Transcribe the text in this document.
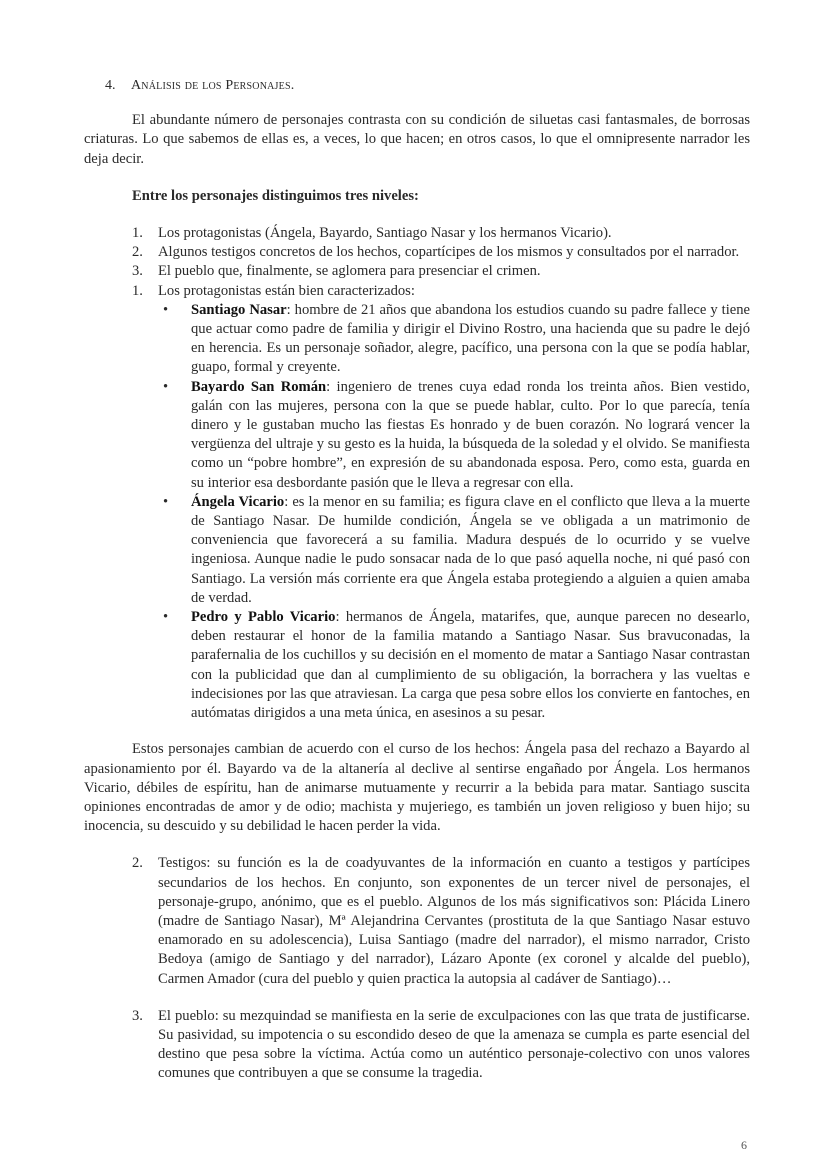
4.	Análisis de los Personajes.

El abundante número de personajes contrasta con su condición de siluetas casi fantasmales, de borrosas criaturas. Lo que sabemos de ellas es, a veces, lo que hacen; en otros casos, lo que el omnipresente narrador les deja decir.

Entre los personajes distinguimos tres niveles:
1.	Los protagonistas (Ángela, Bayardo, Santiago Nasar y los hermanos Vicario).
2.	Algunos testigos concretos de los hechos, copartícipes de los mismos y consultados por el narrador.
3.	El pueblo que, finalmente, se aglomera para presenciar el crimen.
1.	Los protagonistas están bien caracterizados:
•	Santiago Nasar: hombre de 21 años que abandona los estudios cuando su padre fallece y tiene que actuar como padre de familia y dirigir el Divino Rostro, una hacienda que su padre le dejó en herencia. Es un personaje soñador, alegre, pacífico, una persona con la que se podía hablar, guapo, formal y creyente.
•	Bayardo San Román: ingeniero de trenes cuya edad ronda los treinta años. Bien vestido, galán con las mujeres, persona con la que se puede hablar, culto. Por lo que parecía, tenía dinero y le gustaban mucho las fiestas Es honrado y de buen corazón. No logrará vencer la vergüenza del ultraje y su gesto es la huida, la búsqueda de la soledad y el olvido. Se manifiesta como un “pobre hombre”, en expresión de su abandonada esposa. Pero, como esta, guarda en su interior esa desbordante pasión que le lleva a regresar con ella.
•	Ángela Vicario: es la menor en su familia; es figura clave en el conflicto que lleva a la muerte de Santiago Nasar. De humilde condición, Ángela se ve obligada a un matrimonio de conveniencia que favorecerá a su familia. Madura después de lo ocurrido y se vuelve ingeniosa. Aunque nadie le pudo sonsacar nada de lo que pasó aquella noche, ni qué pasó con Santiago. La versión más corriente era que Ángela estaba protegiendo a alguien a quien amaba de verdad.
•	Pedro y Pablo Vicario: hermanos de Ángela, matarifes, que, aunque parecen no desearlo, deben restaurar el honor de la familia matando a Santiago Nasar. Sus bravuconadas, la parafernalia de los cuchillos y su decisión en el momento de matar a Santiago Nasar contrastan con la publicidad que dan al cumplimiento de su obligación, la borrachera y las vueltas e indecisiones por las que atraviesan. La carga que pesa sobre ellos los convierte en fantoches, en autómatas dirigidos a una meta única, en asesinos a su pesar.

Estos personajes cambian de acuerdo con el curso de los hechos: Ángela pasa del rechazo a Bayardo al apasionamiento por él. Bayardo va de la altanería al declive al sentirse engañado por Ángela. Los hermanos Vicario, débiles de espíritu, han de animarse mutuamente y recurrir a la bebida para matar. Santiago suscita opiniones encontradas de amor y de odio; machista y mujeriego, es también un joven religioso y buen hijo; su inocencia, su descuido y su debilidad le hacen perder la vida.

2.	Testigos: su función es la de coadyuvantes de la información en cuanto a testigos y partícipes secundarios de los hechos. En conjunto, son exponentes de un tercer nivel de personajes, el personaje-grupo, anónimo, que es el pueblo. Algunos de los más significativos son: Plácida Linero (madre de Santiago Nasar), Mª Alejandrina Cervantes (prostituta de la que Santiago Nasar estuvo enamorado en su adolescencia), Luisa Santiago (madre del narrador), el mismo narrador, Cristo Bedoya (amigo de Santiago y del narrador), Lázaro Aponte (ex coronel y alcalde del pueblo), Carmen Amador (cura del pueblo y quien practica la autopsia al cadáver de Santiago)…
3.	El pueblo: su mezquindad se manifiesta en la serie de exculpaciones con las que trata de justificarse. Su pasividad, su impotencia o su escondido deseo de que la amenaza se cumpla es parte esencial del destino que pesa sobre la víctima. Actúa como un auténtico personaje-colectivo con unos valores comunes que contribuyen a que se consume la tragedia.
6
